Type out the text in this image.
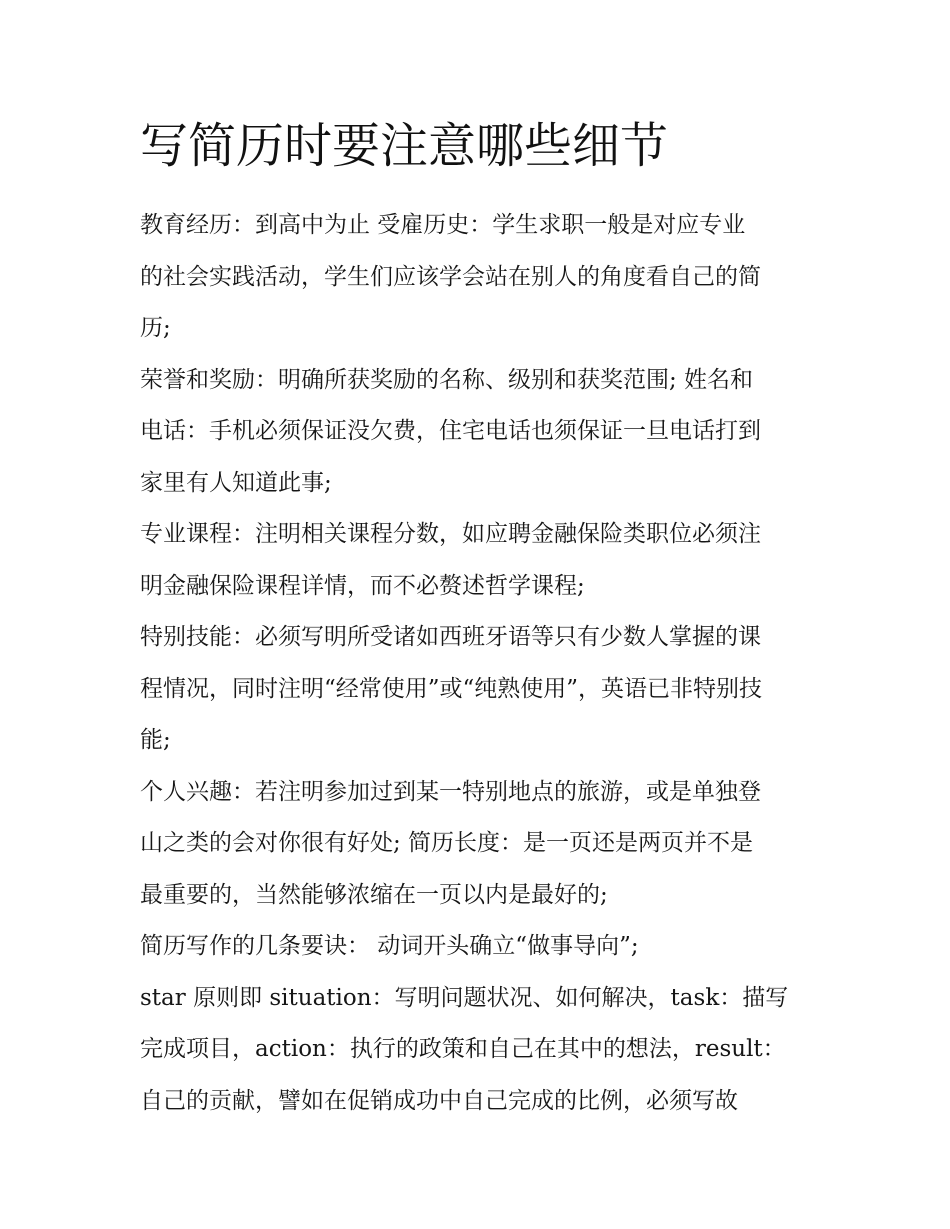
写简历时要注意哪些细节
教育经历：到高中为止 受雇历史：学生求职一般是对应专业
的社会实践活动，学生们应该学会站在别人的角度看自己的简
历;
荣誉和奖励：明确所获奖励的名称、级别和获奖范围; 姓名和
电话：手机必须保证没欠费，住宅电话也须保证一旦电话打到
家里有人知道此事;
专业课程：注明相关课程分数，如应聘金融保险类职位必须注
明金融保险课程详情，而不必赘述哲学课程;
特别技能：必须写明所受诸如西班牙语等只有少数人掌握的课
程情况，同时注明“经常使用”或“纯熟使用”，英语已非特别技
能;
个人兴趣：若注明参加过到某一特别地点的旅游，或是单独登
山之类的会对你很有好处; 简历长度：是一页还是两页并不是
最重要的，当然能够浓缩在一页以内是最好的;
简历写作的几条要诀： 动词开头确立“做事导向”;
star 原则即 situation：写明问题状况、如何解决，task：描写
完成项目，action：执行的政策和自己在其中的想法，result：
自己的贡献，譬如在促销成功中自己完成的比例，必须写故
